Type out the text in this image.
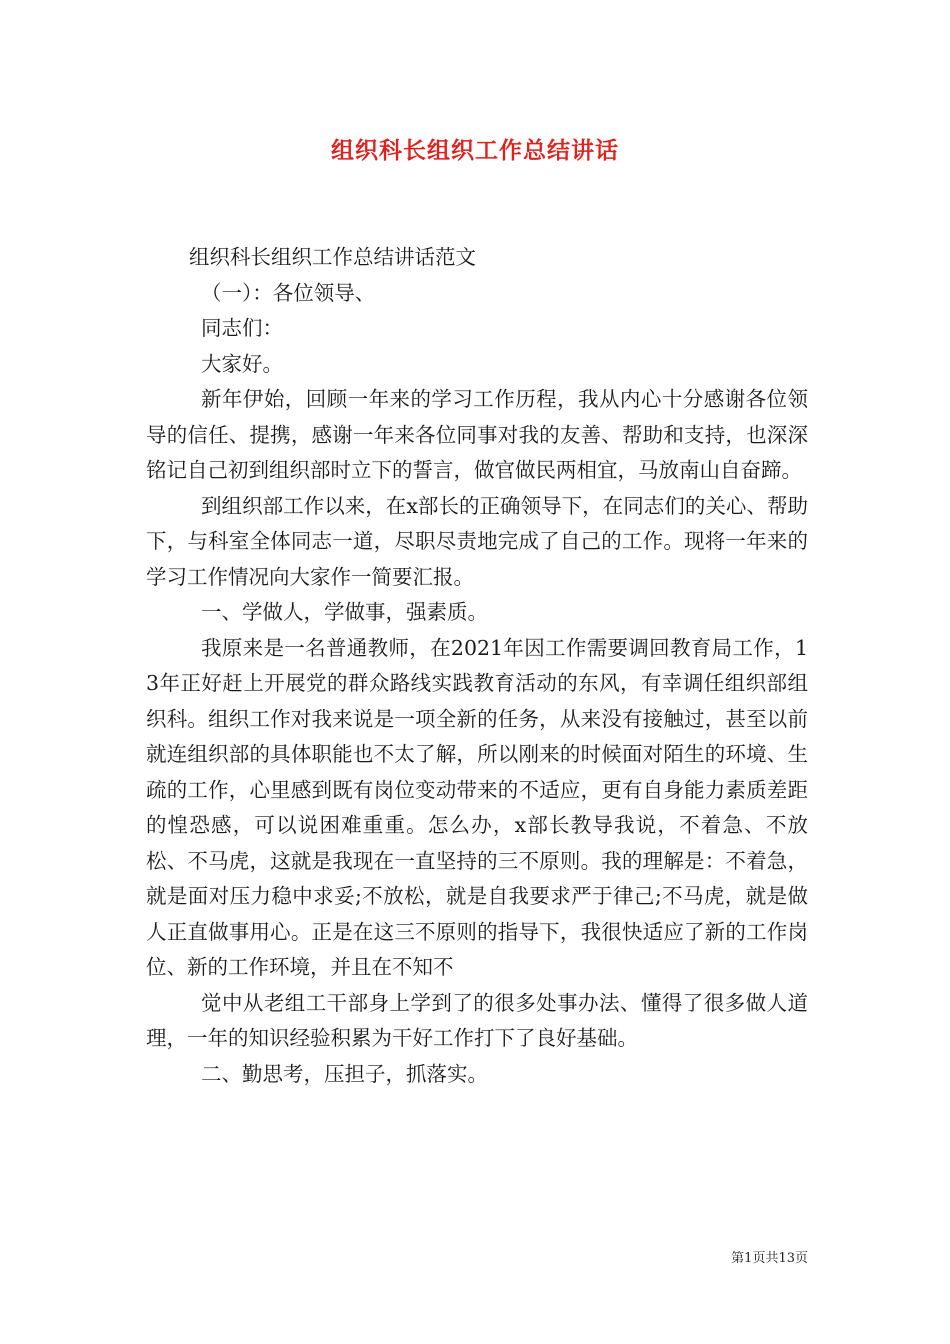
组织科长组织工作总结讲话

组织科长组织工作总结讲话范文

（一）：各位领导、

同志们：

大家好。

新年伊始，回顾一年来的学习工作历程，我从内心十分感谢各位领导的信任、提携，感谢一年来各位同事对我的友善、帮助和支持，也深深铭记自己初到组织部时立下的誓言，做官做民两相宜，马放南山自奋蹄。

到组织部工作以来，在x部长的正确领导下，在同志们的关心、帮助下，与科室全体同志一道，尽职尽责地完成了自己的工作。现将一年来的学习工作情况向大家作一简要汇报。

一、学做人，学做事，强素质。

我原来是一名普通教师，在2021年因工作需要调回教育局工作，13年正好赶上开展党的群众路线实践教育活动的东风，有幸调任组织部组织科。组织工作对我来说是一项全新的任务，从来没有接触过，甚至以前就连组织部的具体职能也不太了解，所以刚来的时候面对陌生的环境、生疏的工作，心里感到既有岗位变动带来的不适应，更有自身能力素质差距的惶恐感，可以说困难重重。怎么办，x部长教导我说，不着急、不放松、不马虎，这就是我现在一直坚持的三不原则。我的理解是：不着急，就是面对压力稳中求妥;不放松，就是自我要求严于律己;不马虎，就是做人正直做事用心。正是在这三不原则的指导下，我很快适应了新的工作岗位、新的工作环境，并且在不知不

觉中从老组工干部身上学到了的很多处事办法、懂得了很多做人道理，一年的知识经验积累为干好工作打下了良好基础。

二、勤思考，压担子，抓落实。

第1页共13页
